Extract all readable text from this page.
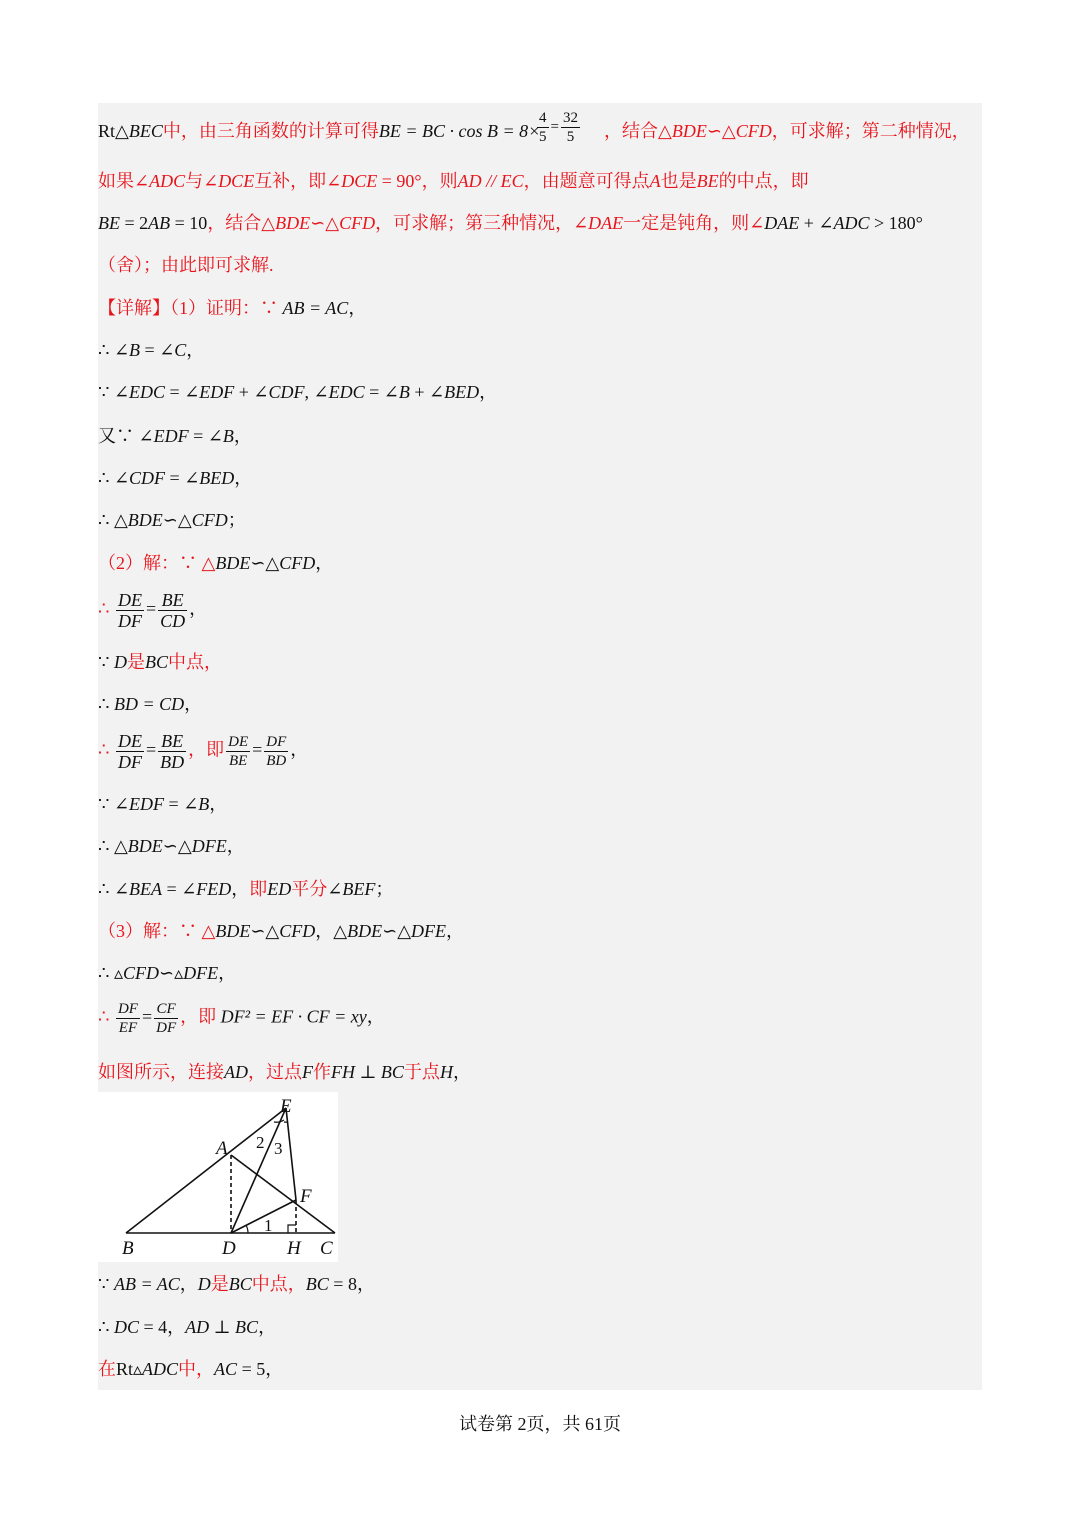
Rt△BEC中，由三角函数的计算可得BE = BC · cos B = 8×
如果∠ADC与∠DCE互补，即∠DCE = 90°，则AD // EC，由题意可得点A也是BE的中点，即
BE = 2AB = 10，结合△BDE∽△CFD，可求解；第三种情况，∠DAE一定是钝角，则∠DAE + ∠ADC > 180°
（舍）；由此即可求解.
【详解】（1）证明：∵ AB = AC，
∴ ∠B = ∠C，
∵ ∠EDC = ∠EDF + ∠CDF, ∠EDC = ∠B + ∠BED，
又∵ ∠EDF = ∠B，
∴ ∠CDF = ∠BED，
∴ △BDE∽△CFD；
（2）解：∵ △BDE∽△CFD，
∴ $\frac{DE}{DF} = \frac{BE}{CD}$ ，
∵ D是BC中点，
∴ BD = CD，
∴ $\frac{DE}{DF} = \frac{BE}{BD}$ ，即 $\frac{DE}{BE} = \frac{DF}{BD}$ ，
∵ ∠EDF = ∠B，
∴ △BDE∽△DFE，
∴ ∠BEA = ∠FED，即ED平分∠BEF；
（3）解：∵ △BDE∽△CFD，△BDE∽△DFE，
∴ ▵CFD∽▵DFE，
∴ $\frac{DF}{EF} = \frac{CF}{DF}$ ，即 DF² = EF · CF = xy，
如图所示，连接AD，过点F作FH ⊥ BC于点H，
∵ AB = AC，D是BC中点，BC = 8，
∴ DC = 4，AD ⊥ BC，
在Rt▵ADC中，AC = 5，
$\frac{4}{5} = \frac{32}{5}$ ，结合△BDE∽△CFD，可求解；第二种情况，
E
A
F
B	D	H C
1
2 3
试卷第 2页，共 61页
